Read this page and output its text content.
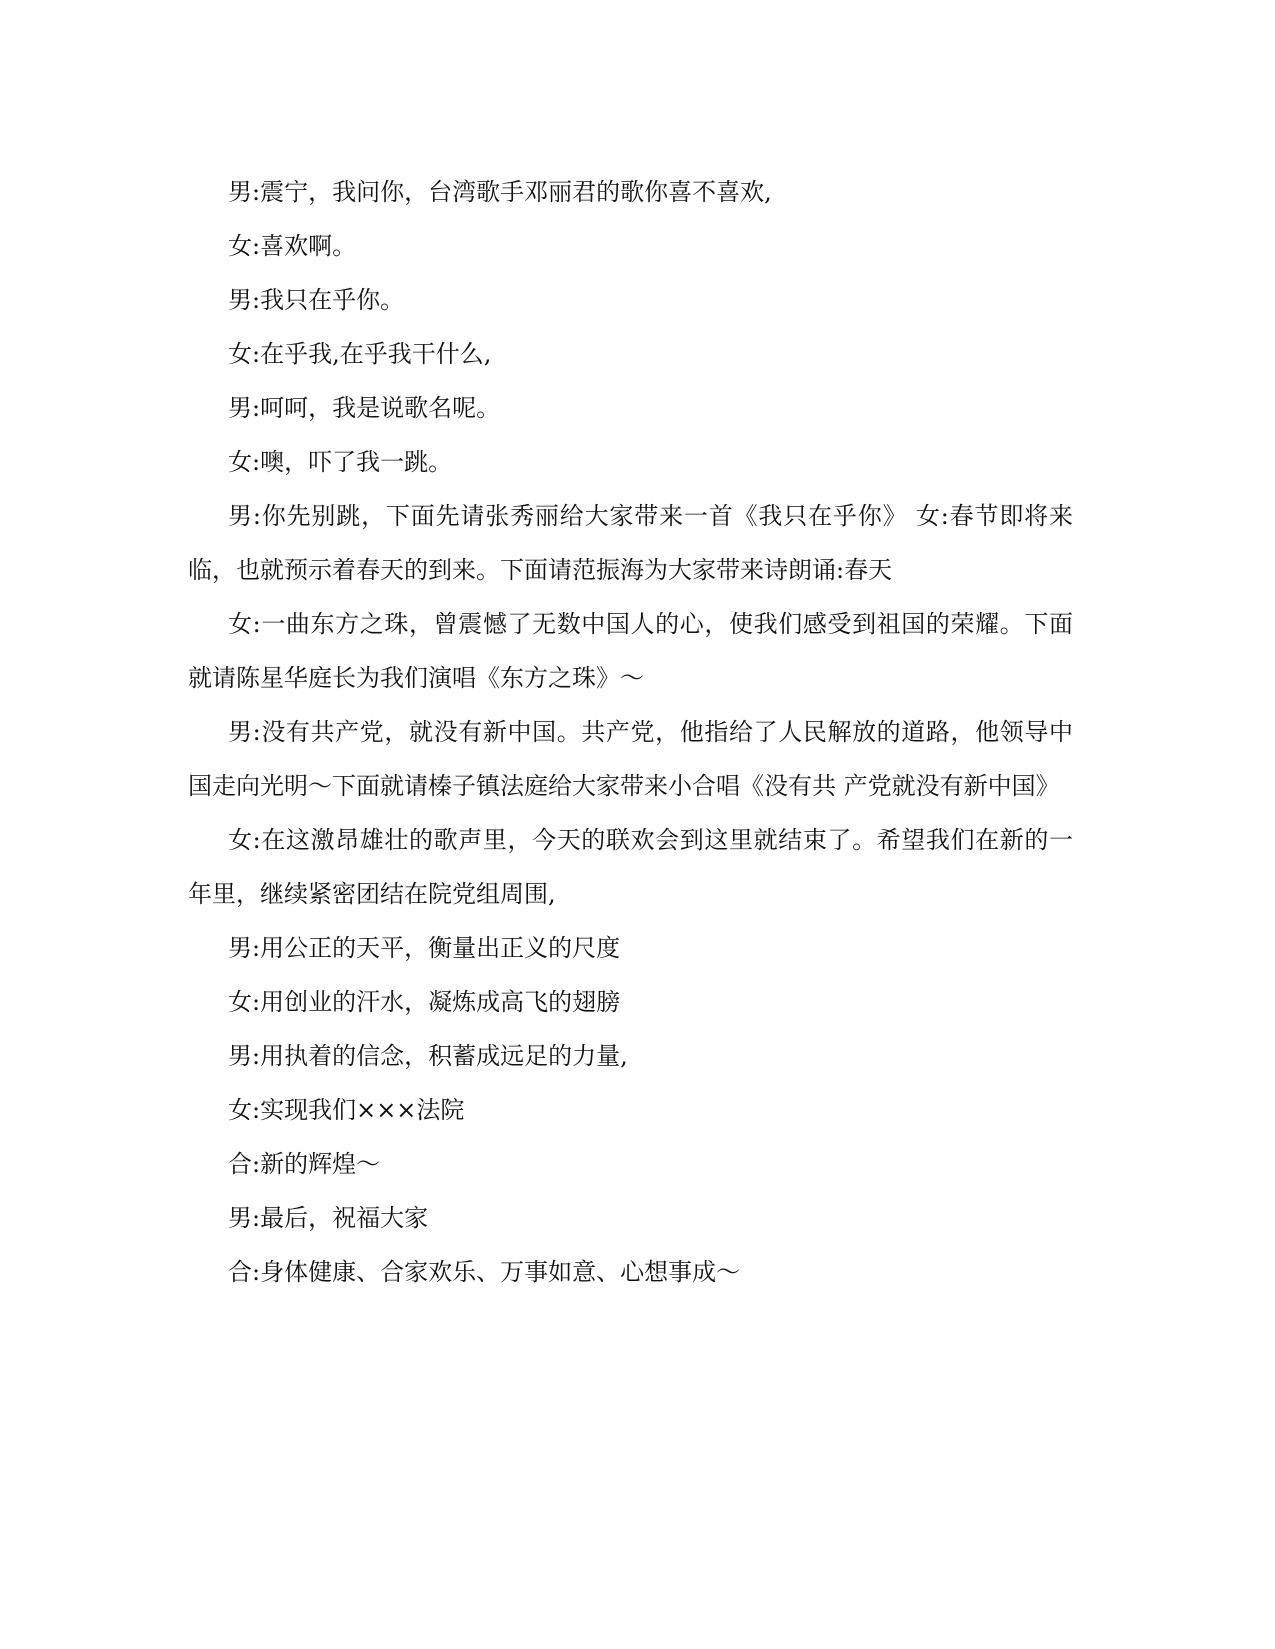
男:震宁，我问你，台湾歌手邓丽君的歌你喜不喜欢,

女:喜欢啊。

男:我只在乎你。

女:在乎我,在乎我干什么,

男:呵呵，我是说歌名呢。

女:噢，吓了我一跳。

男:你先别跳，下面先请张秀丽给大家带来一首《我只在乎你》 女:春节即将来临，也就预示着春天的到来。下面请范振海为大家带来诗朗诵:春天

女:一曲东方之珠，曾震憾了无数中国人的心，使我们感受到祖国的荣耀。下面就请陈星华庭长为我们演唱《东方之珠》～

男:没有共产党，就没有新中国。共产党，他指给了人民解放的道路，他领导中国走向光明～下面就请榛子镇法庭给大家带来小合唱《没有共 产党就没有新中国》

女:在这激昂雄壮的歌声里，今天的联欢会到这里就结束了。希望我们在新的一年里，继续紧密团结在院党组周围,

男:用公正的天平，衡量出正义的尺度

女:用创业的汗水，凝炼成高飞的翅膀

男:用执着的信念，积蓄成远足的力量,

女:实现我们×××法院

合:新的辉煌～

男:最后，祝福大家

合:身体健康、合家欢乐、万事如意、心想事成～
